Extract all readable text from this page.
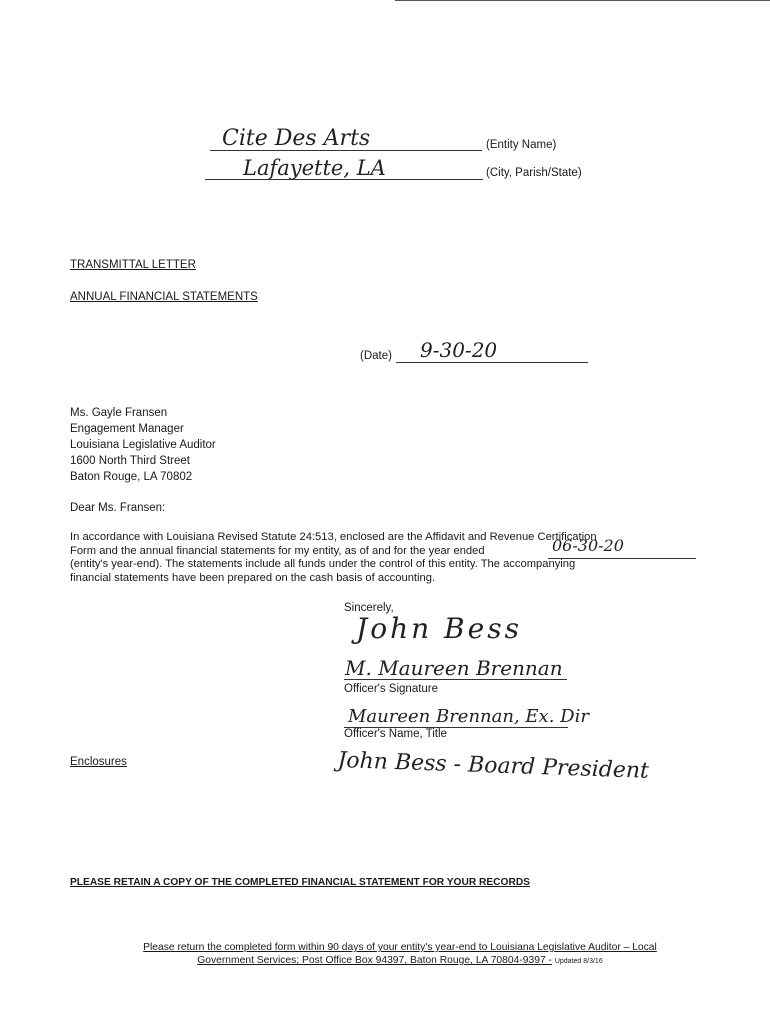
Cite Des Arts	(Entity Name)
Lafayette, LA	(City, Parish/State)
TRANSMITTAL LETTER
ANNUAL FINANCIAL STATEMENTS
(Date) 9-30-20
Ms. Gayle Fransen
Engagement Manager
Louisiana Legislative Auditor
1600 North Third Street
Baton Rouge, LA 70802
Dear Ms. Fransen:
In accordance with Louisiana Revised Statute 24:513, enclosed are the Affidavit and Revenue Certification
Form and the annual financial statements for my entity, as of and for the year ended	06-30-20
(entity's year-end). The statements include all funds under the control of this entity. The accompanying
financial statements have been prepared on the cash basis of accounting.
Sincerely,
John Bess
M. Maureen Brennan
Officer's Signature
Maureen Brennan, Ex. Dir
Officer's Name, Title
Enclosures	John Bess - Board President
PLEASE RETAIN A COPY OF THE COMPLETED FINANCIAL STATEMENT FOR YOUR RECORDS
Please return the completed form within 90 days of your entity's year-end to Louisiana Legislative Auditor – Local
Government Services; Post Office Box 94397, Baton Rouge, LA 70804-9397 - Updated 8/3/16
